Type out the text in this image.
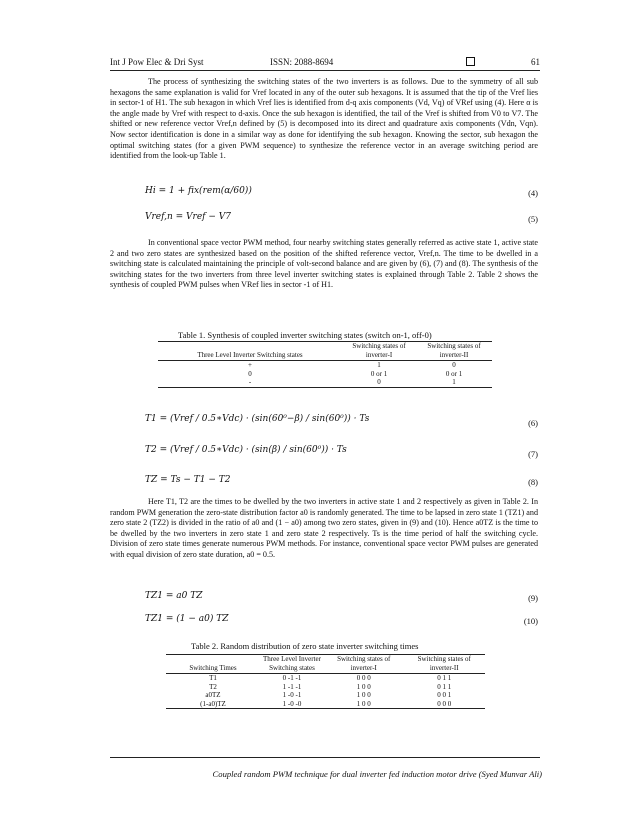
Int J Pow Elec & Dri Syst	ISSN: 2088-8694	61
The process of synthesizing the switching states of the two inverters is as follows. Due to the symmetry of all sub hexagons the same explanation is valid for Vref located in any of the outer sub hexagons. It is assumed that the tip of the Vref lies in sector-1 of H1. The sub hexagon in which Vref lies is identified from d-q axis components (Vd, Vq) of VRef using (4). Here α is the angle made by Vref with respect to d-axis. Once the sub hexagon is identified, the tail of the Vref is shifted from V0 to V7. The shifted or new reference vector Vref,n defined by (5) is decomposed into its direct and quadrature axis components (Vdn, Vqn). Now sector identification is done in a similar way as done for identifying the sub hexagon. Knowing the sector, sub hexagon the optimal switching states (for a given PWM sequence) to synthesize the reference vector in an average switching period are identified from the look-up Table 1.
Hi = 1 + fix(rem(α/60))	(4)
Vref,n = Vref − V7	(5)
In conventional space vector PWM method, four nearby switching states generally referred as active state 1, active state 2 and two zero states are synthesized based on the position of the shifted reference vector, Vref,n. The time to be dwelled in a switching state is calculated maintaining the principle of volt-second balance and are given by (6), (7) and (8). The synthesis of the switching states for the two inverters from three level inverter switching states is explained through Table 2. Table 2 shows the synthesis of coupled PWM pulses when VRef lies in sector -1 of H1.
Table 1. Synthesis of coupled inverter switching states (switch on-1, off-0)
Three Level Inverter Switching states	Switching states of inverter-I	Switching states of inverter-II
+	1	0
0	0 or 1	0 or 1
-	0	1
T1 = (Vref / 0.5∗Vdc) · (sin(60⁰−β) / sin(60⁰)) · Ts	(6)
T2 = (Vref / 0.5∗Vdc) · (sin(β) / sin(60⁰)) · Ts	(7)
TZ = Ts − T1 − T2	(8)
Here T1, T2 are the times to be dwelled by the two inverters in active state 1 and 2 respectively as given in Table 2. In random PWM generation the zero-state distribution factor a0 is randomly generated. The time to be lapsed in zero state 1 (TZ1) and zero state 2 (TZ2) is divided in the ratio of a0 and (1 − a0) among two zero states, given in (9) and (10). Hence a0TZ is the time to be dwelled by the two inverters in zero state 1 and zero state 2 respectively. Ts is the time period of half the switching cycle. Division of zero state times generate numerous PWM methods. For instance, conventional space vector PWM pulses are generated with equal division of zero state duration, a0 = 0.5.
TZ1 = a0 TZ	(9)
TZ1 = (1 − a0) TZ	(10)
Table 2. Random distribution of zero state inverter switching times
Switching Times	Three Level Inverter Switching states	Switching states of inverter-I	Switching states of inverter-II
T1	0 -1 -1	0 0 0	0 1 1
T2	1 -1 -1	1 0 0	0 1 1
a0TZ	1 -0 -1	1 0 0	0 0 1
(1-a0)TZ	1 -0 -0	1 0 0	0 0 0
Coupled random PWM technique for dual inverter fed induction motor drive (Syed Munvar Ali)
